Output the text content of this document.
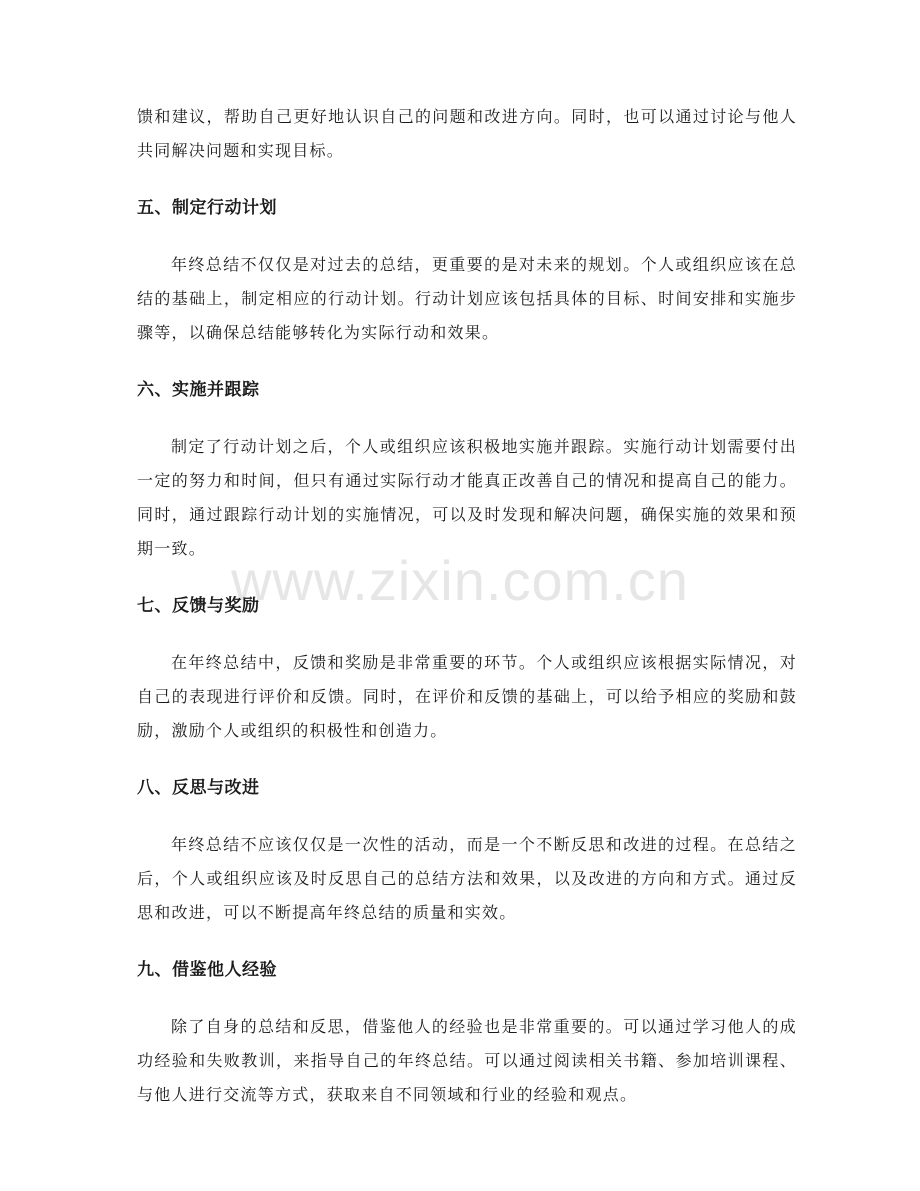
www.zixin.com.cn

馈和建议，帮助自己更好地认识自己的问题和改进方向。同时，也可以通过讨论与他人共同解决问题和实现目标。

五、制定行动计划

年终总结不仅仅是对过去的总结，更重要的是对未来的规划。个人或组织应该在总结的基础上，制定相应的行动计划。行动计划应该包括具体的目标、时间安排和实施步骤等，以确保总结能够转化为实际行动和效果。

六、实施并跟踪

制定了行动计划之后，个人或组织应该积极地实施并跟踪。实施行动计划需要付出一定的努力和时间，但只有通过实际行动才能真正改善自己的情况和提高自己的能力。同时，通过跟踪行动计划的实施情况，可以及时发现和解决问题，确保实施的效果和预期一致。

七、反馈与奖励

在年终总结中，反馈和奖励是非常重要的环节。个人或组织应该根据实际情况，对自己的表现进行评价和反馈。同时，在评价和反馈的基础上，可以给予相应的奖励和鼓励，激励个人或组织的积极性和创造力。

八、反思与改进

年终总结不应该仅仅是一次性的活动，而是一个不断反思和改进的过程。在总结之后，个人或组织应该及时反思自己的总结方法和效果，以及改进的方向和方式。通过反思和改进，可以不断提高年终总结的质量和实效。

九、借鉴他人经验

除了自身的总结和反思，借鉴他人的经验也是非常重要的。可以通过学习他人的成功经验和失败教训，来指导自己的年终总结。可以通过阅读相关书籍、参加培训课程、与他人进行交流等方式，获取来自不同领域和行业的经验和观点。
